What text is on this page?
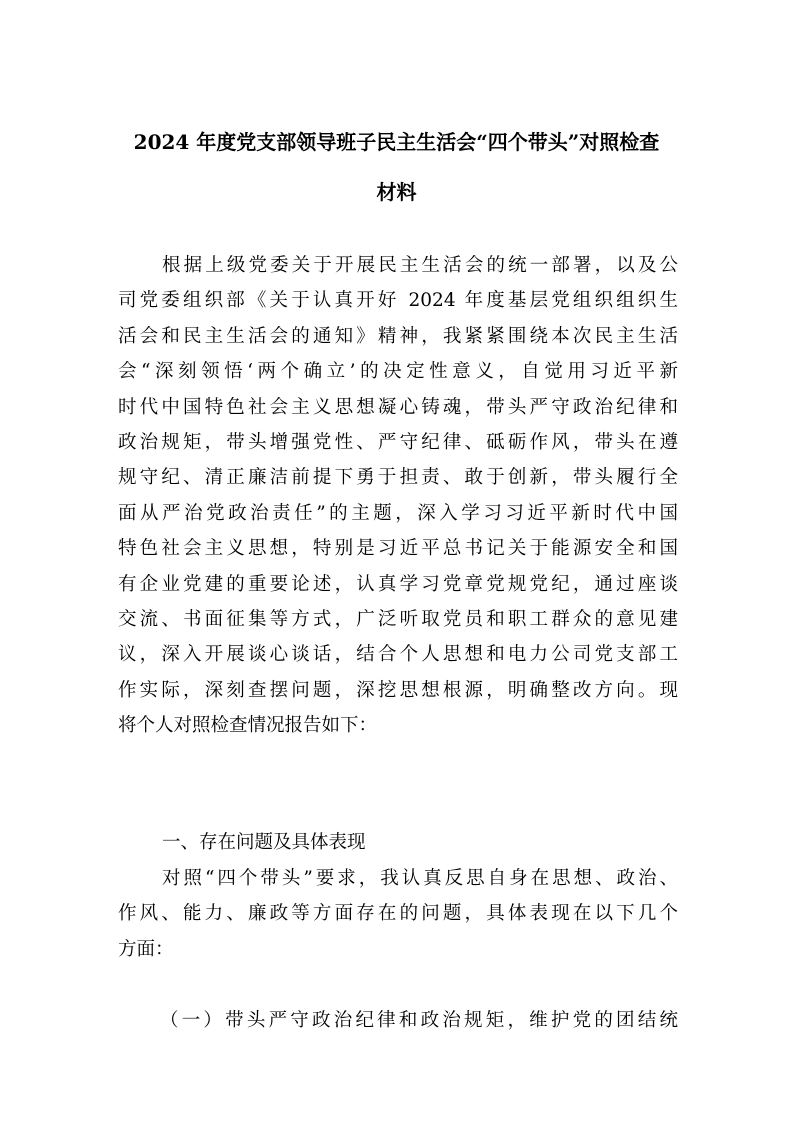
2024 年度党支部领导班子民主生活会“四个带头”对照检查
材料
根据上级党委关于开展民主生活会的统一部署，以及公
司党委组织部《关于认真开好 2024 年度基层党组织组织生
活会和民主生活会的通知》精神，我紧紧围绕本次民主生活
会“深刻领悟‘两个确立’的决定性意义，自觉用习近平新
时代中国特色社会主义思想凝心铸魂，带头严守政治纪律和
政治规矩，带头增强党性、严守纪律、砥砺作风，带头在遵
规守纪、清正廉洁前提下勇于担责、敢于创新，带头履行全
面从严治党政治责任”的主题，深入学习习近平新时代中国
特色社会主义思想，特别是习近平总书记关于能源安全和国
有企业党建的重要论述，认真学习党章党规党纪，通过座谈
交流、书面征集等方式，广泛听取党员和职工群众的意见建
议，深入开展谈心谈话，结合个人思想和电力公司党支部工
作实际，深刻查摆问题，深挖思想根源，明确整改方向。现
将个人对照检查情况报告如下：
一、存在问题及具体表现
对照“四个带头”要求，我认真反思自身在思想、政治、
作风、能力、廉政等方面存在的问题，具体表现在以下几个
方面：
（一）带头严守政治纪律和政治规矩，维护党的团结统
